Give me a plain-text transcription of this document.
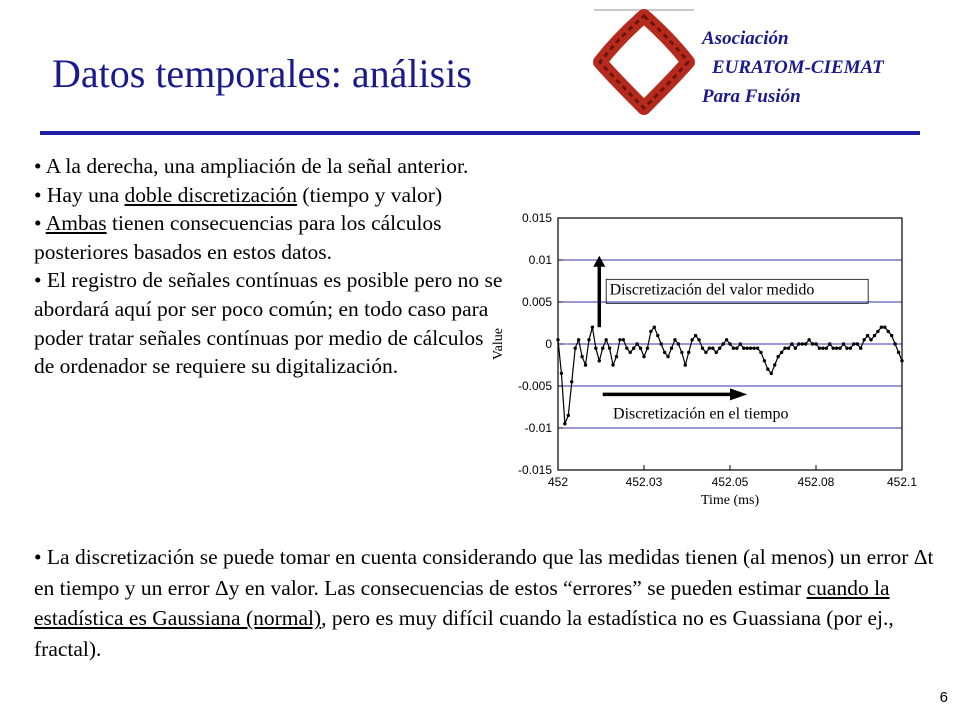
Datos temporales: análisis
Asociación
EURATOM-CIEMAT
Para Fusión

• A la derecha, una ampliación de la señal anterior.

• Hay una doble discretización (tiempo y valor)

• Ambas tienen consecuencias para los cálculos posteriores basados en estos datos.

• El registro de señales contínuas es posible pero no se abordará aquí por ser poco común; en todo caso para poder tratar señales contínuas por medio de cálculos de ordenador se requiere su digitalización.

-0.015
-0.01
-0.005
0
0.005
0.01
0.015
452	452.03	452.05	452.08	452.1
Time (ms)
Value
Discretización del valor medido
Discretización en el tiempo

• La discretización se puede tomar en cuenta considerando que las medidas tienen (al menos) un error Δt en tiempo y un error Δy en valor. Las consecuencias de estos “errores” se pueden estimar cuando la estadística es Gaussiana (normal), pero es muy difícil cuando la estadística no es Guassiana (por ej., fractal).

6
